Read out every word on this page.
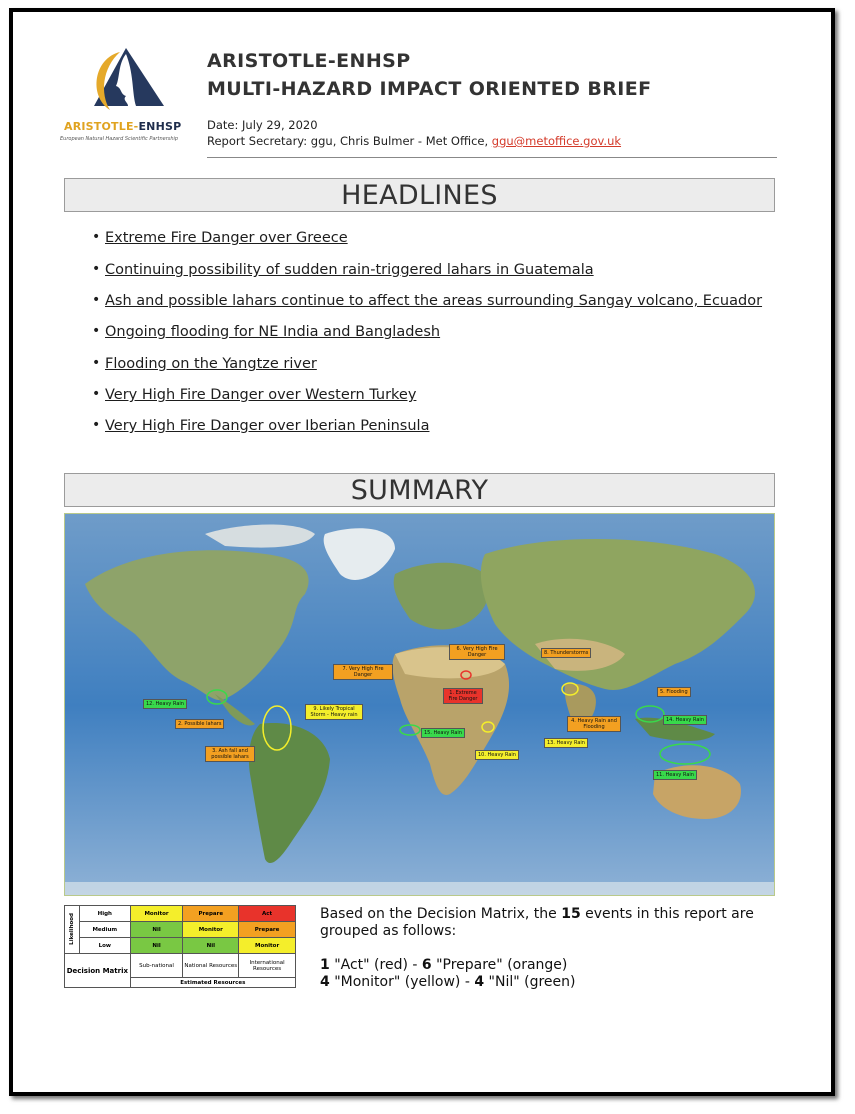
ARISTOTLE-ENHSP
European Natural Hazard Scientific Partnership
ARISTOTLE-ENHSP
MULTI-HAZARD IMPACT ORIENTED BRIEF
Date: July 29, 2020
Report Secretary: ggu, Chris Bulmer - Met Office, ggu@metoffice.gov.uk
HEADLINES
• Extreme Fire Danger over Greece
• Continuing possibility of sudden rain-triggered lahars in Guatemala
• Ash and possible lahars continue to affect the areas surrounding Sangay volcano, Ecuador
• Ongoing flooding for NE India and Bangladesh
• Flooding on the Yangtze river
• Very High Fire Danger over Western Turkey
• Very High Fire Danger over Iberian Peninsula
SUMMARY
12. Heavy Rain
2. Possible lahars
3. Ash fall and possible lahars
9. Likely Tropical Storm - Heavy rain
7. Very High Fire Danger
6. Very High Fire Danger
1. Extreme Fire Danger
15. Heavy Rain
10. Heavy Rain
8. Thunderstorms
4. Heavy Rain and Flooding
5. Flooding
13. Heavy Rain
14. Heavy Rain
11. Heavy Rain
Likelihood	High	Monitor	Prepare	Act
	Medium	Nil	Monitor	Prepare
	Low	Nil	Nil	Monitor
Decision Matrix		Sub-national	National Resources	International Resources
		Estimated Resources		
Based on the Decision Matrix, the 15 events in this report are grouped as follows:
1 "Act" (red) - 6 "Prepare" (orange)
4 "Monitor" (yellow) - 4 "Nil" (green)
